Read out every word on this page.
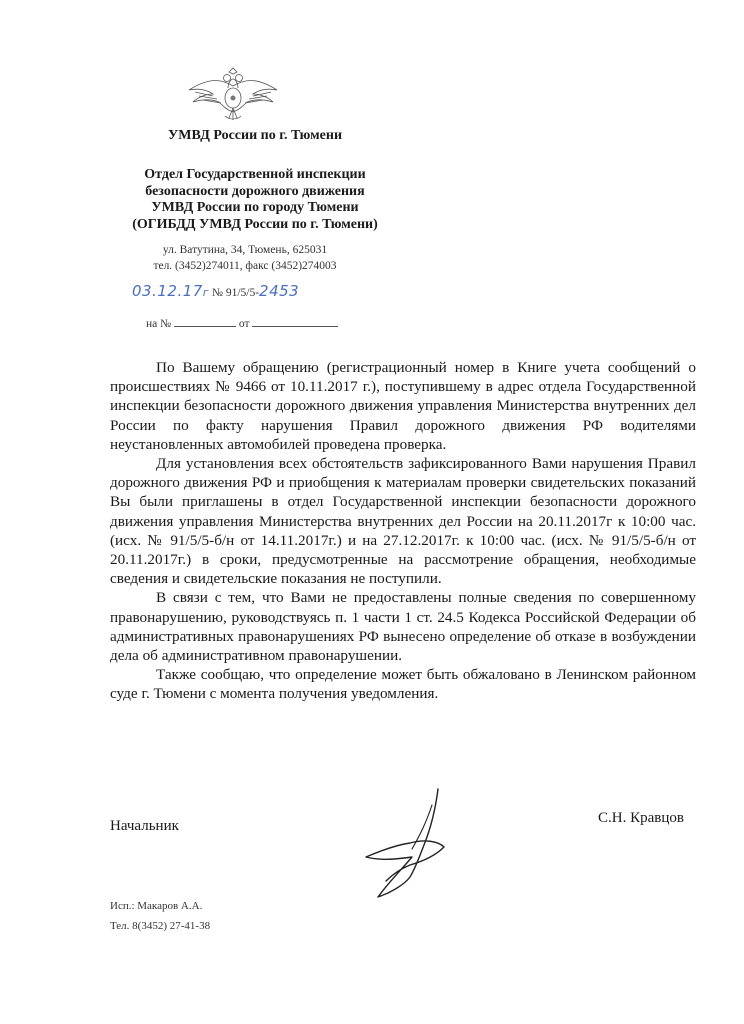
УМВД России по г. Тюмени
Отдел Государственной инспекции
безопасности дорожного движения
УМВД России по городу Тюмени
(ОГИБДД УМВД России по г. Тюмени)
ул. Ватутина, 34, Тюмень, 625031
тел. (3452)274011, факс (3452)274003
03.12.17г № 91/5/5-2453
на №	от

По Вашему обращению (регистрационный номер в Книге учета сообщений о происшествиях № 9466 от 10.11.2017 г.), поступившему в адрес отдела Государственной инспекции безопасности дорожного движения управления Министерства внутренних дел России по факту нарушения Правил дорожного движения РФ водителями неустановленных автомобилей проведена проверка.

Для установления всех обстоятельств зафиксированного Вами нарушения Правил дорожного движения РФ и приобщения к материалам проверки свидетельских показаний Вы были приглашены в отдел Государственной инспекции безопасности дорожного движения управления Министерства внутренних дел России на 20.11.2017г к 10:00 час. (исх. № 91/5/5-б/н от 14.11.2017г.) и на 27.12.2017г. к 10:00 час. (исх. № 91/5/5-б/н от 20.11.2017г.) в сроки, предусмотренные на рассмотрение обращения, необходимые сведения и свидетельские показания не поступили.

В связи с тем, что Вами не предоставлены полные сведения по совершенному правонарушению, руководствуясь п. 1 части 1 ст. 24.5 Кодекса Российской Федерации об административных правонарушениях РФ вынесено определение об отказе в возбуждении дела об административном правонарушении.

Также сообщаю, что определение может быть обжаловано в Ленинском районном суде г. Тюмени с момента получения уведомления.

Начальник	С.Н. Кравцов
Исп.: Макаров А.А.
Тел. 8(3452) 27-41-38
